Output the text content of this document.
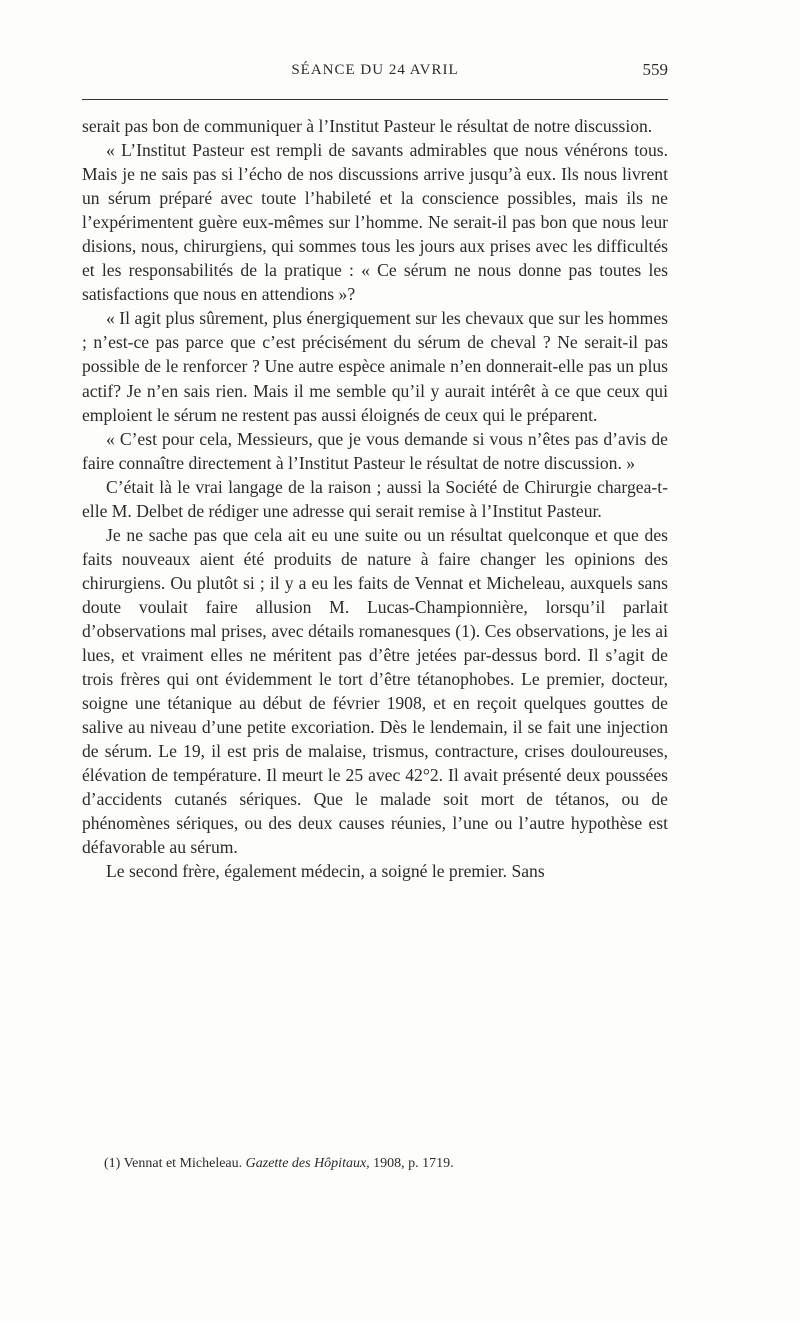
SÉANCE DU 24 AVRIL	559

serait pas bon de communiquer à l’Institut Pasteur le résultat de notre discussion.

« L’Institut Pasteur est rempli de savants admirables que nous vénérons tous. Mais je ne sais pas si l’écho de nos discussions arrive jusqu’à eux. Ils nous livrent un sérum préparé avec toute l’habileté et la conscience possibles, mais ils ne l’expérimentent guère eux-mêmes sur l’homme. Ne serait-il pas bon que nous leur disions, nous, chirurgiens, qui sommes tous les jours aux prises avec les difficultés et les responsabilités de la pratique : « Ce sérum ne nous donne pas toutes les satisfactions que nous en attendions »?

« Il agit plus sûrement, plus énergiquement sur les chevaux que sur les hommes ; n’est-ce pas parce que c’est précisément du sérum de cheval ? Ne serait-il pas possible de le renforcer ? Une autre espèce animale n’en donnerait-elle pas un plus actif? Je n’en sais rien. Mais il me semble qu’il y aurait intérêt à ce que ceux qui emploient le sérum ne restent pas aussi éloignés de ceux qui le préparent.

« C’est pour cela, Messieurs, que je vous demande si vous n’êtes pas d’avis de faire connaître directement à l’Institut Pasteur le résultat de notre discussion. »

C’était là le vrai langage de la raison ; aussi la Société de Chirurgie chargea-t-elle M. Delbet de rédiger une adresse qui serait remise à l’Institut Pasteur.

Je ne sache pas que cela ait eu une suite ou un résultat quelconque et que des faits nouveaux aient été produits de nature à faire changer les opinions des chirurgiens. Ou plutôt si ; il y a eu les faits de Vennat et Micheleau, auxquels sans doute voulait faire allusion M. Lucas-Championnière, lorsqu’il parlait d’observations mal prises, avec détails romanesques (1). Ces observations, je les ai lues, et vraiment elles ne méritent pas d’être jetées par-dessus bord. Il s’agit de trois frères qui ont évidemment le tort d’être tétanophobes. Le premier, docteur, soigne une tétanique au début de février 1908, et en reçoit quelques gouttes de salive au niveau d’une petite excoriation. Dès le lendemain, il se fait une injection de sérum. Le 19, il est pris de malaise, trismus, contracture, crises douloureuses, élévation de température. Il meurt le 25 avec 42°2. Il avait présenté deux poussées d’accidents cutanés sériques. Que le malade soit mort de tétanos, ou de phénomènes sériques, ou des deux causes réunies, l’une ou l’autre hypothèse est défavorable au sérum.

Le second frère, également médecin, a soigné le premier. Sans

(1) Vennat et Micheleau. Gazette des Hôpitaux, 1908, p. 1719.
